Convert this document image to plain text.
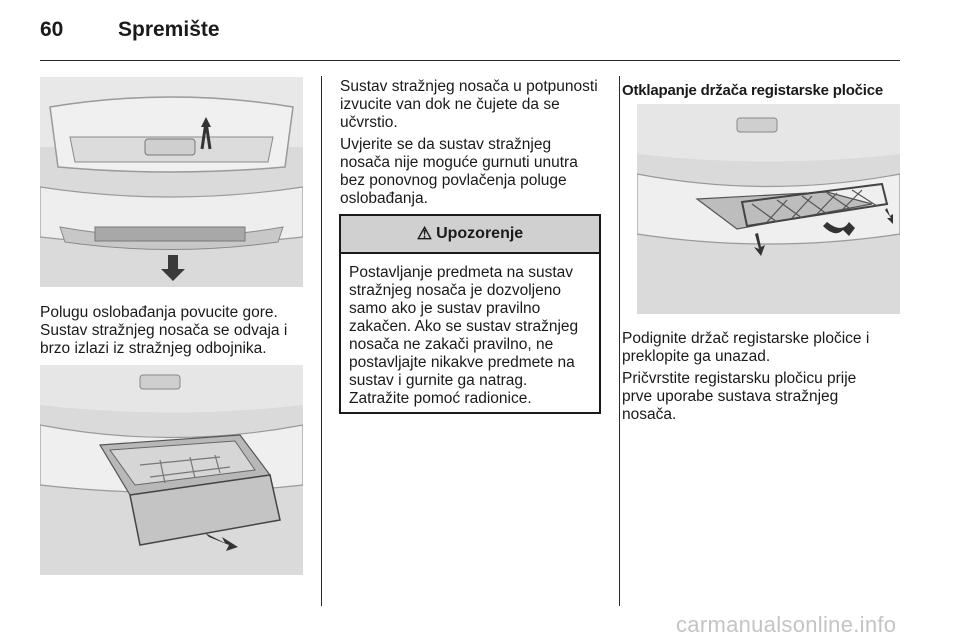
60	Spremište
Polugu oslobađanja povucite gore.
Sustav stražnjeg nosača se odvaja i
brzo izlazi iz stražnjeg odbojnika.
Sustav stražnjeg nosača u potpunosti
izvucite van dok ne čujete da se
učvrstio.
Uvjerite se da sustav stražnjeg
nosača nije moguće gurnuti unutra
bez ponovnog povlačenja poluge
oslobađanja.
⚠ Upozorenje
Postavljanje predmeta na sustav
stražnjeg nosača je dozvoljeno
samo ako je sustav pravilno
zakačen. Ako se sustav stražnjeg
nosača ne zakači pravilno, ne
postavljajte nikakve predmete na
sustav i gurnite ga natrag.
Zatražite pomoć radionice.
Otklapanje držača registarske pločice
Podignite držač registarske pločice i
preklopite ga unazad.
Pričvrstite registarsku pločicu prije
prve uporabe sustava stražnjeg
nosača.
carmanualsonline.info
